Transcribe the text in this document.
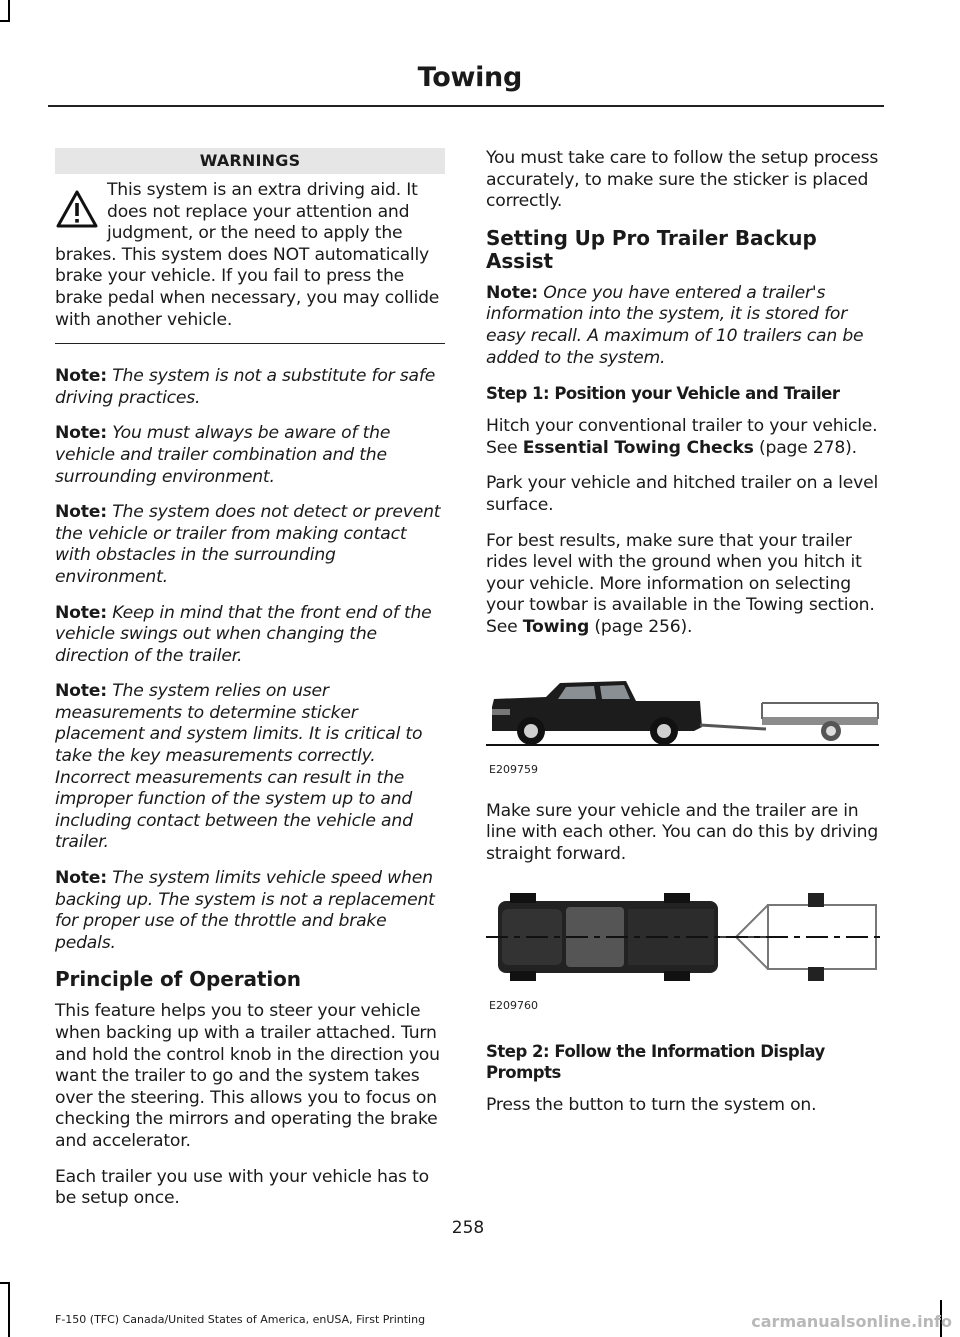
Towing
WARNINGS
This system is an extra driving aid. It does not replace your attention and judgment, or the need to apply the brakes. This system does NOT automatically brake your vehicle. If you fail to press the brake pedal when necessary, you may collide with another vehicle.

Note: The system is not a substitute for safe driving practices.

Note: You must always be aware of the vehicle and trailer combination and the surrounding environment.

Note: The system does not detect or prevent the vehicle or trailer from making contact with obstacles in the surrounding environment.

Note: Keep in mind that the front end of the vehicle swings out when changing the direction of the trailer.

Note: The system relies on user measurements to determine sticker placement and system limits. It is critical to take the key measurements correctly. Incorrect measurements can result in the improper function of the system up to and including contact between the vehicle and trailer.

Note: The system limits vehicle speed when backing up. The system is not a replacement for proper use of the throttle and brake pedals.

Principle of Operation

This feature helps you to steer your vehicle when backing up with a trailer attached. Turn and hold the control knob in the direction you want the trailer to go and the system takes over the steering. This allows you to focus on checking the mirrors and operating the brake and accelerator.

Each trailer you use with your vehicle has to be setup once.

You must take care to follow the setup process accurately, to make sure the sticker is placed correctly.

Setting Up Pro Trailer Backup Assist

Note: Once you have entered a trailer's information into the system, it is stored for easy recall. A maximum of 10 trailers can be added to the system.

Step 1: Position your Vehicle and Trailer

Hitch your conventional trailer to your vehicle. See Essential Towing Checks (page 278).

Park your vehicle and hitched trailer on a level surface.

For best results, make sure that your trailer rides level with the ground when you hitch it your vehicle. More information on selecting your towbar is available in the Towing section. See Towing (page 256).

E209759

Make sure your vehicle and the trailer are in line with each other. You can do this by driving straight forward.

E209760
Step 2: Follow the Information Display Prompts

Press the button to turn the system on.

258
F-150 (TFC) Canada/United States of America, enUSA, First Printing	carmanualsonline.info
